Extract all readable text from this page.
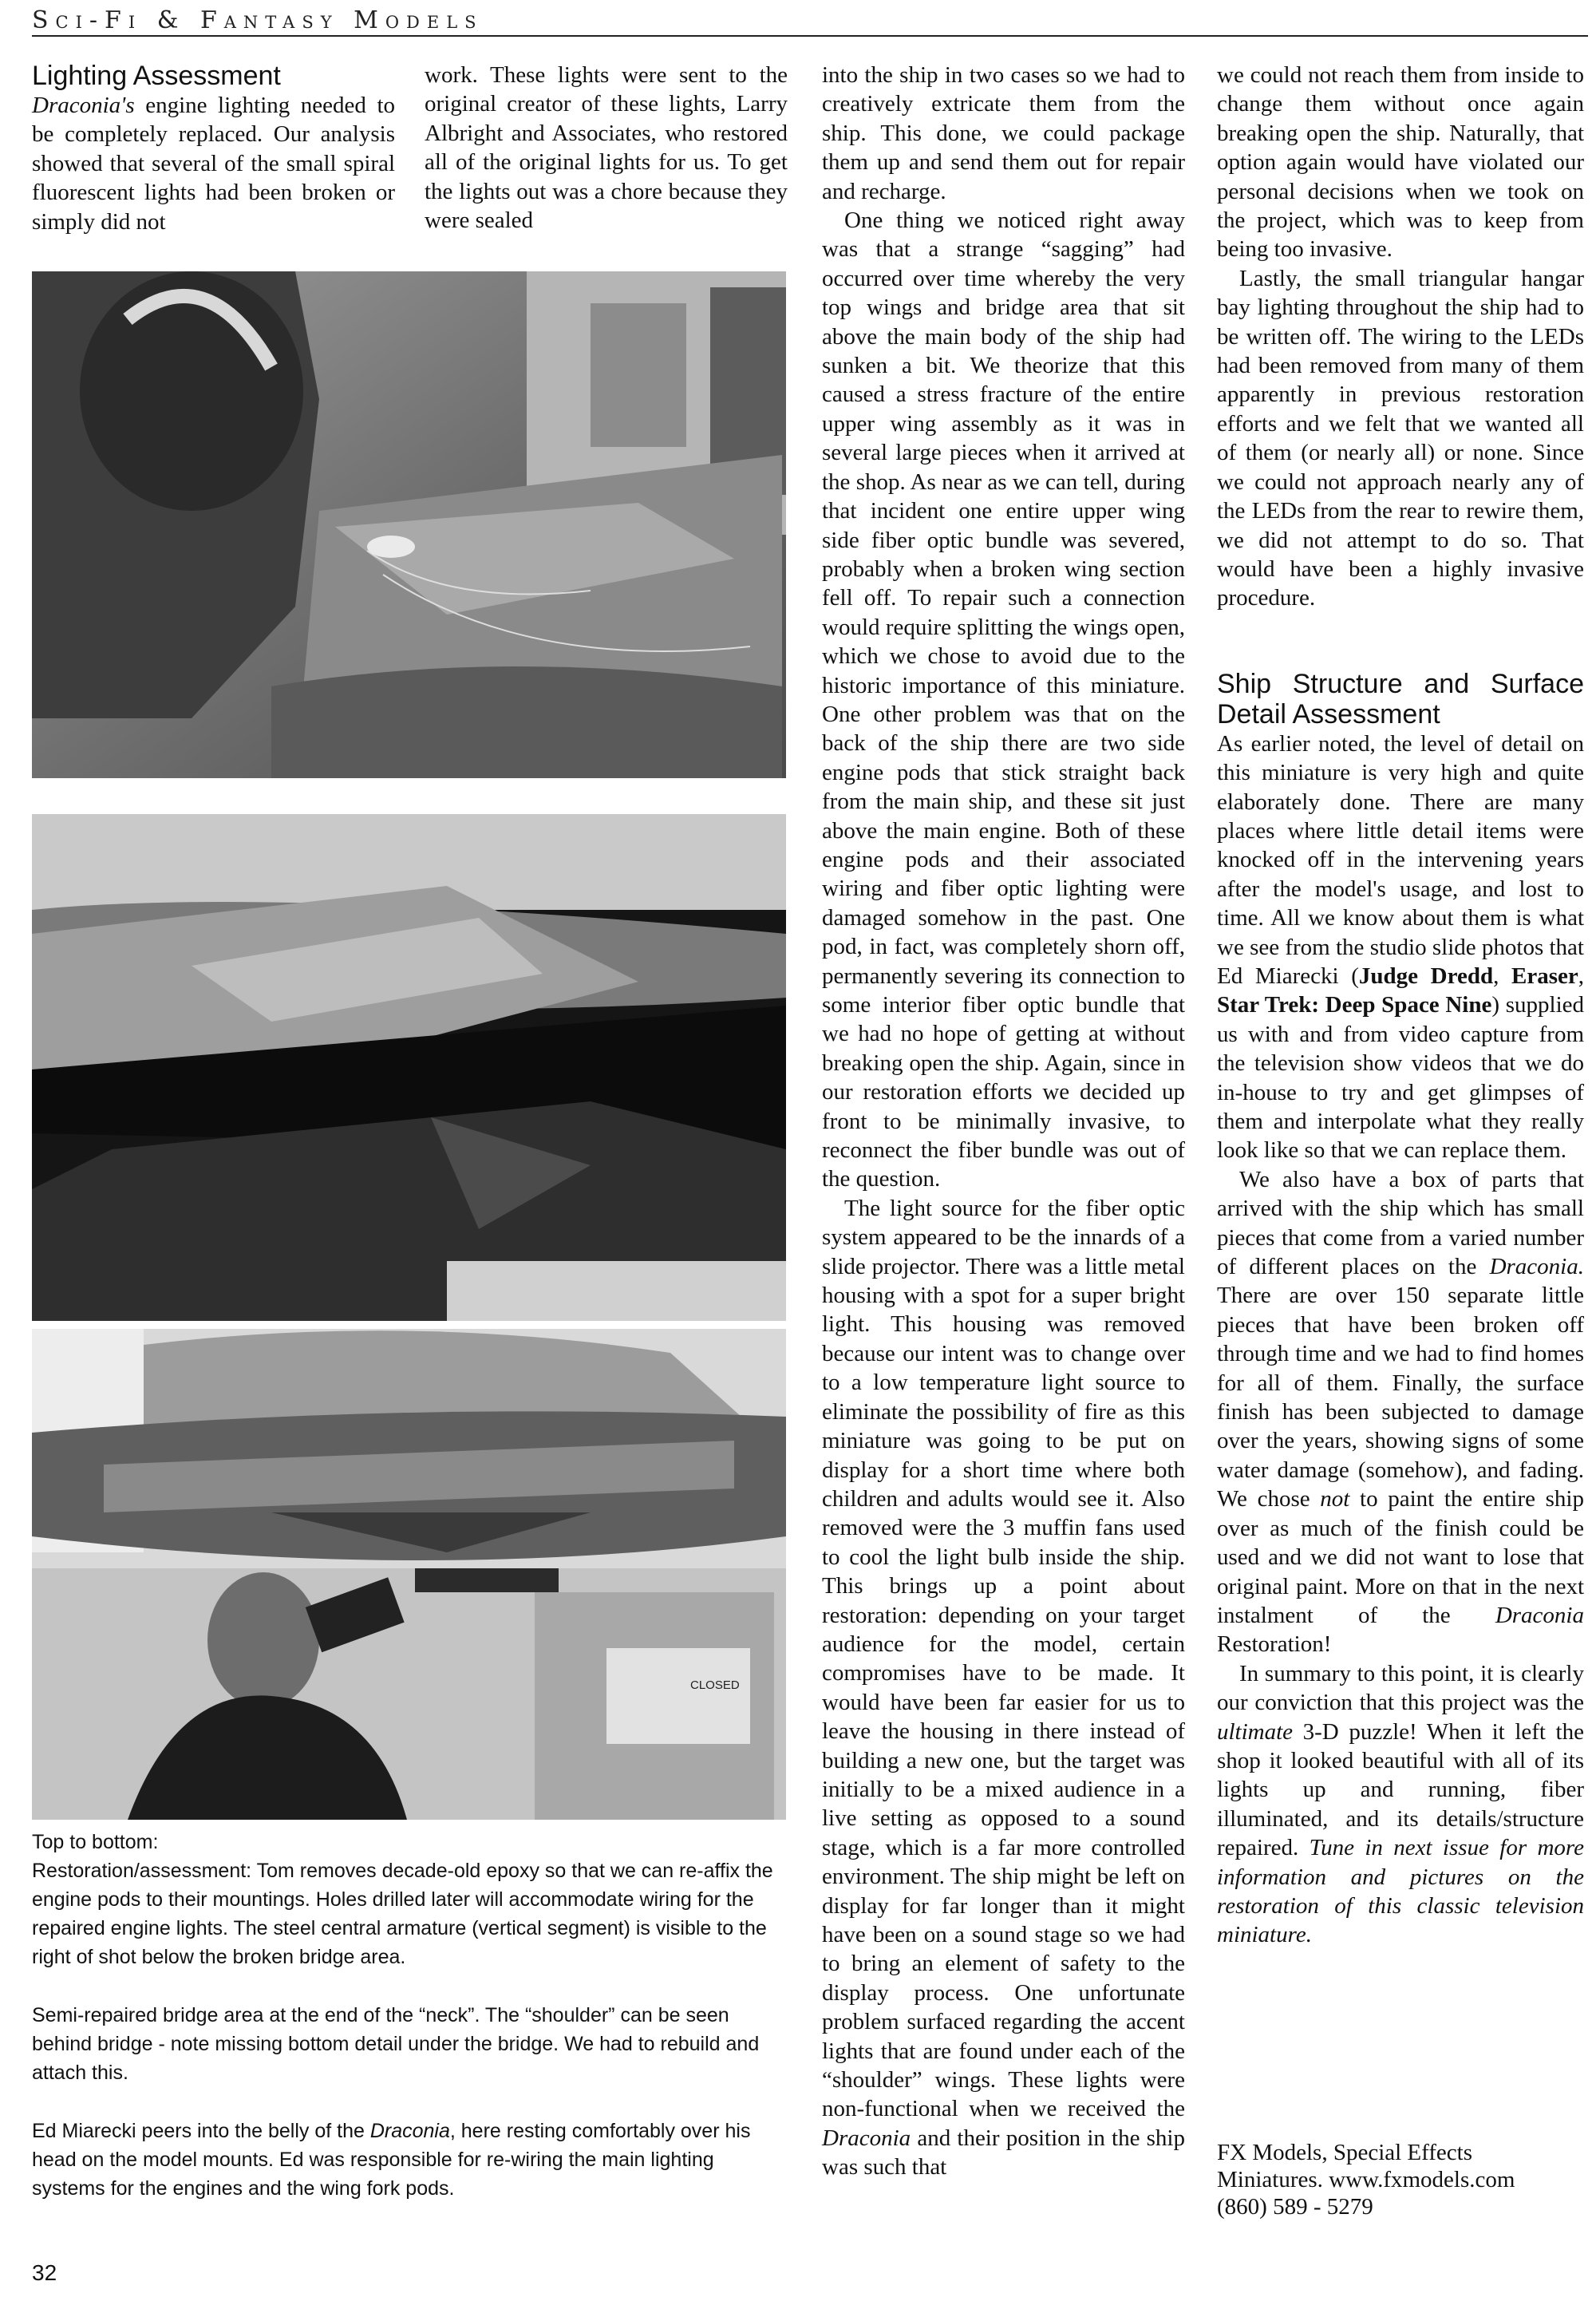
Sci-Fi & Fantasy Models
Lighting Assessment

Draconia's engine lighting needed to be completely replaced. Our analysis showed that several of the small spiral fluorescent lights had been broken or simply did not

work. These lights were sent to the original creator of these lights, Larry Albright and Associates, who restored all of the original lights for us. To get the lights out was a chore because they were sealed

CLOSED

Top to bottom:

Restoration/assessment: Tom removes decade-old epoxy so that we can re-affix the engine pods to their mountings. Holes drilled later will accommodate wiring for the repaired engine lights. The steel central armature (vertical segment) is visible to the right of shot below the broken bridge area.

Semi-repaired bridge area at the end of the “neck”. The “shoulder” can be seen behind bridge - note missing bottom detail under the bridge. We had to rebuild and attach this.

Ed Miarecki peers into the belly of the Draconia, here resting comfortably over his head on the model mounts. Ed was responsible for re-wiring the main lighting systems for the engines and the wing fork pods.

into the ship in two cases so we had to creatively extricate them from the ship. This done, we could package them up and send them out for repair and recharge.

One thing we noticed right away was that a strange “sagging” had occurred over time whereby the very top wings and bridge area that sit above the main body of the ship had sunken a bit. We theorize that this caused a stress fracture of the entire upper wing assembly as it was in several large pieces when it arrived at the shop. As near as we can tell, during that incident one entire upper wing side fiber optic bundle was severed, probably when a broken wing section fell off. To repair such a connection would require splitting the wings open, which we chose to avoid due to the historic importance of this miniature. One other problem was that on the back of the ship there are two side engine pods that stick straight back from the main ship, and these sit just above the main engine. Both of these engine pods and their associated wiring and fiber optic lighting were damaged somehow in the past. One pod, in fact, was completely shorn off, permanently severing its connection to some interior fiber optic bundle that we had no hope of getting at without breaking open the ship. Again, since in our restoration efforts we decided up front to be minimally invasive, to reconnect the fiber bundle was out of the question.

The light source for the fiber optic system appeared to be the innards of a slide projector. There was a little metal housing with a spot for a super bright light. This housing was removed because our intent was to change over to a low temperature light source to eliminate the possibility of fire as this miniature was going to be put on display for a short time where both children and adults would see it. Also removed were the 3 muffin fans used to cool the light bulb inside the ship. This brings up a point about restoration: depending on your target audience for the model, certain compromises have to be made. It would have been far easier for us to leave the housing in there instead of building a new one, but the target was initially to be a mixed audience in a live setting as opposed to a sound stage, which is a far more controlled environment. The ship might be left on display for far longer than it might have been on a sound stage so we had to bring an element of safety to the display process. One unfortunate problem surfaced regarding the accent lights that are found under each of the “shoulder” wings. These lights were non-functional when we received the Draconia and their position in the ship was such that

we could not reach them from inside to change them without once again breaking open the ship. Naturally, that option again would have violated our personal decisions when we took on the project, which was to keep from being too invasive.

Lastly, the small triangular hangar bay lighting throughout the ship had to be written off. The wiring to the LEDs had been removed from many of them apparently in previous restoration efforts and we felt that we wanted all of them (or nearly all) or none. Since we could not approach nearly any of the LEDs from the rear to rewire them, we did not attempt to do so. That would have been a highly invasive procedure.

Ship Structure and Surface Detail Assessment

As earlier noted, the level of detail on this miniature is very high and quite elaborately done. There are many places where little detail items were knocked off in the intervening years after the model's usage, and lost to time. All we know about them is what we see from the studio slide photos that Ed Miarecki (Judge Dredd, Eraser, Star Trek: Deep Space Nine) supplied us with and from video capture from the television show videos that we do in-house to try and get glimpses of them and interpolate what they really look like so that we can replace them.

We also have a box of parts that arrived with the ship which has small pieces that come from a varied number of different places on the Draconia. There are over 150 separate little pieces that have been broken off through time and we had to find homes for all of them. Finally, the surface finish has been subjected to damage over the years, showing signs of some water damage (somehow), and fading. We chose not to paint the entire ship over as much of the finish could be used and we did not want to lose that original paint. More on that in the next instalment of the Draconia Restoration!

In summary to this point, it is clearly our conviction that this project was the ultimate 3-D puzzle! When it left the shop it looked beautiful with all of its lights up and running, fiber illuminated, and its details/structure repaired. Tune in next issue for more information and pictures on the restoration of this classic television miniature.

FX Models, Special Effects
Miniatures. www.fxmodels.com
(860) 589 - 5279
32
